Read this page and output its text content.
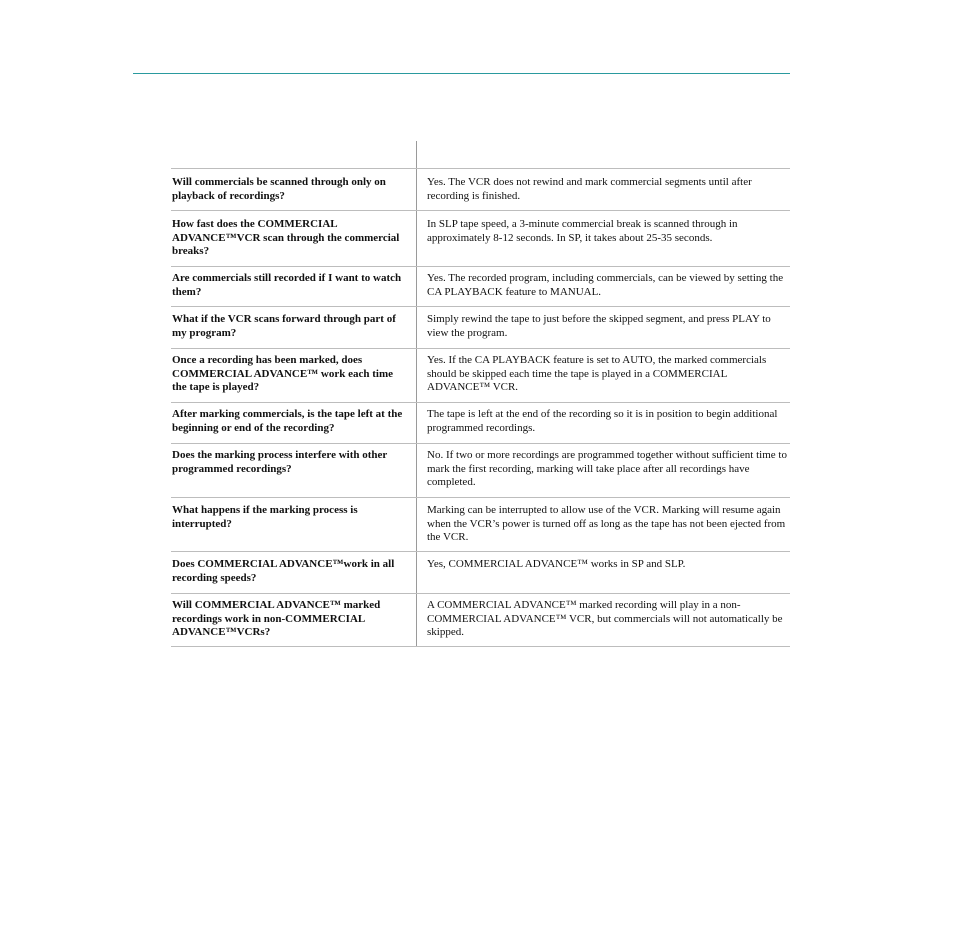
Will commercials be scanned through only on playback of recordings?
Yes. The VCR does not rewind and mark commercial segments until after recording is finished.
How fast does the COMMERCIAL ADVANCE™VCR scan through the commercial breaks?
In SLP tape speed, a 3-minute commercial break is scanned through in approximately 8-12 seconds. In SP, it takes about 25-35 seconds.
Are commercials still recorded if I want to watch them?
Yes. The recorded program, including commercials, can be viewed by setting the CA PLAYBACK feature to MANUAL.
What if the VCR scans forward through part of my program?
Simply rewind the tape to just before the skipped segment, and press PLAY to view the program.
Once a recording has been marked, does COMMERCIAL ADVANCE™ work each time the tape is played?
Yes. If the CA PLAYBACK feature is set to AUTO, the marked commercials should be skipped each time the tape is played in a COMMERCIAL ADVANCE™ VCR.
After marking commercials, is the tape left at the beginning or end of the recording?
The tape is left at the end of the recording so it is in position to begin additional programmed recordings.
Does the marking process interfere with other programmed recordings?
No. If two or more recordings are programmed together without sufficient time to mark the first recording, marking will take place after all recordings have completed.
What happens if the marking process is interrupted?
Marking can be interrupted to allow use of the VCR. Marking will resume again when the VCR’s power is turned off as long as the tape has not been ejected from the VCR.
Does COMMERCIAL ADVANCE™work in all recording speeds?
Yes, COMMERCIAL ADVANCE™ works in SP and SLP.
Will COMMERCIAL ADVANCE™ marked recordings work in non-COMMERCIAL ADVANCE™VCRs?
A COMMERCIAL ADVANCE™ marked recording will play in a non-COMMERCIAL ADVANCE™ VCR, but commercials will not automatically be skipped.
